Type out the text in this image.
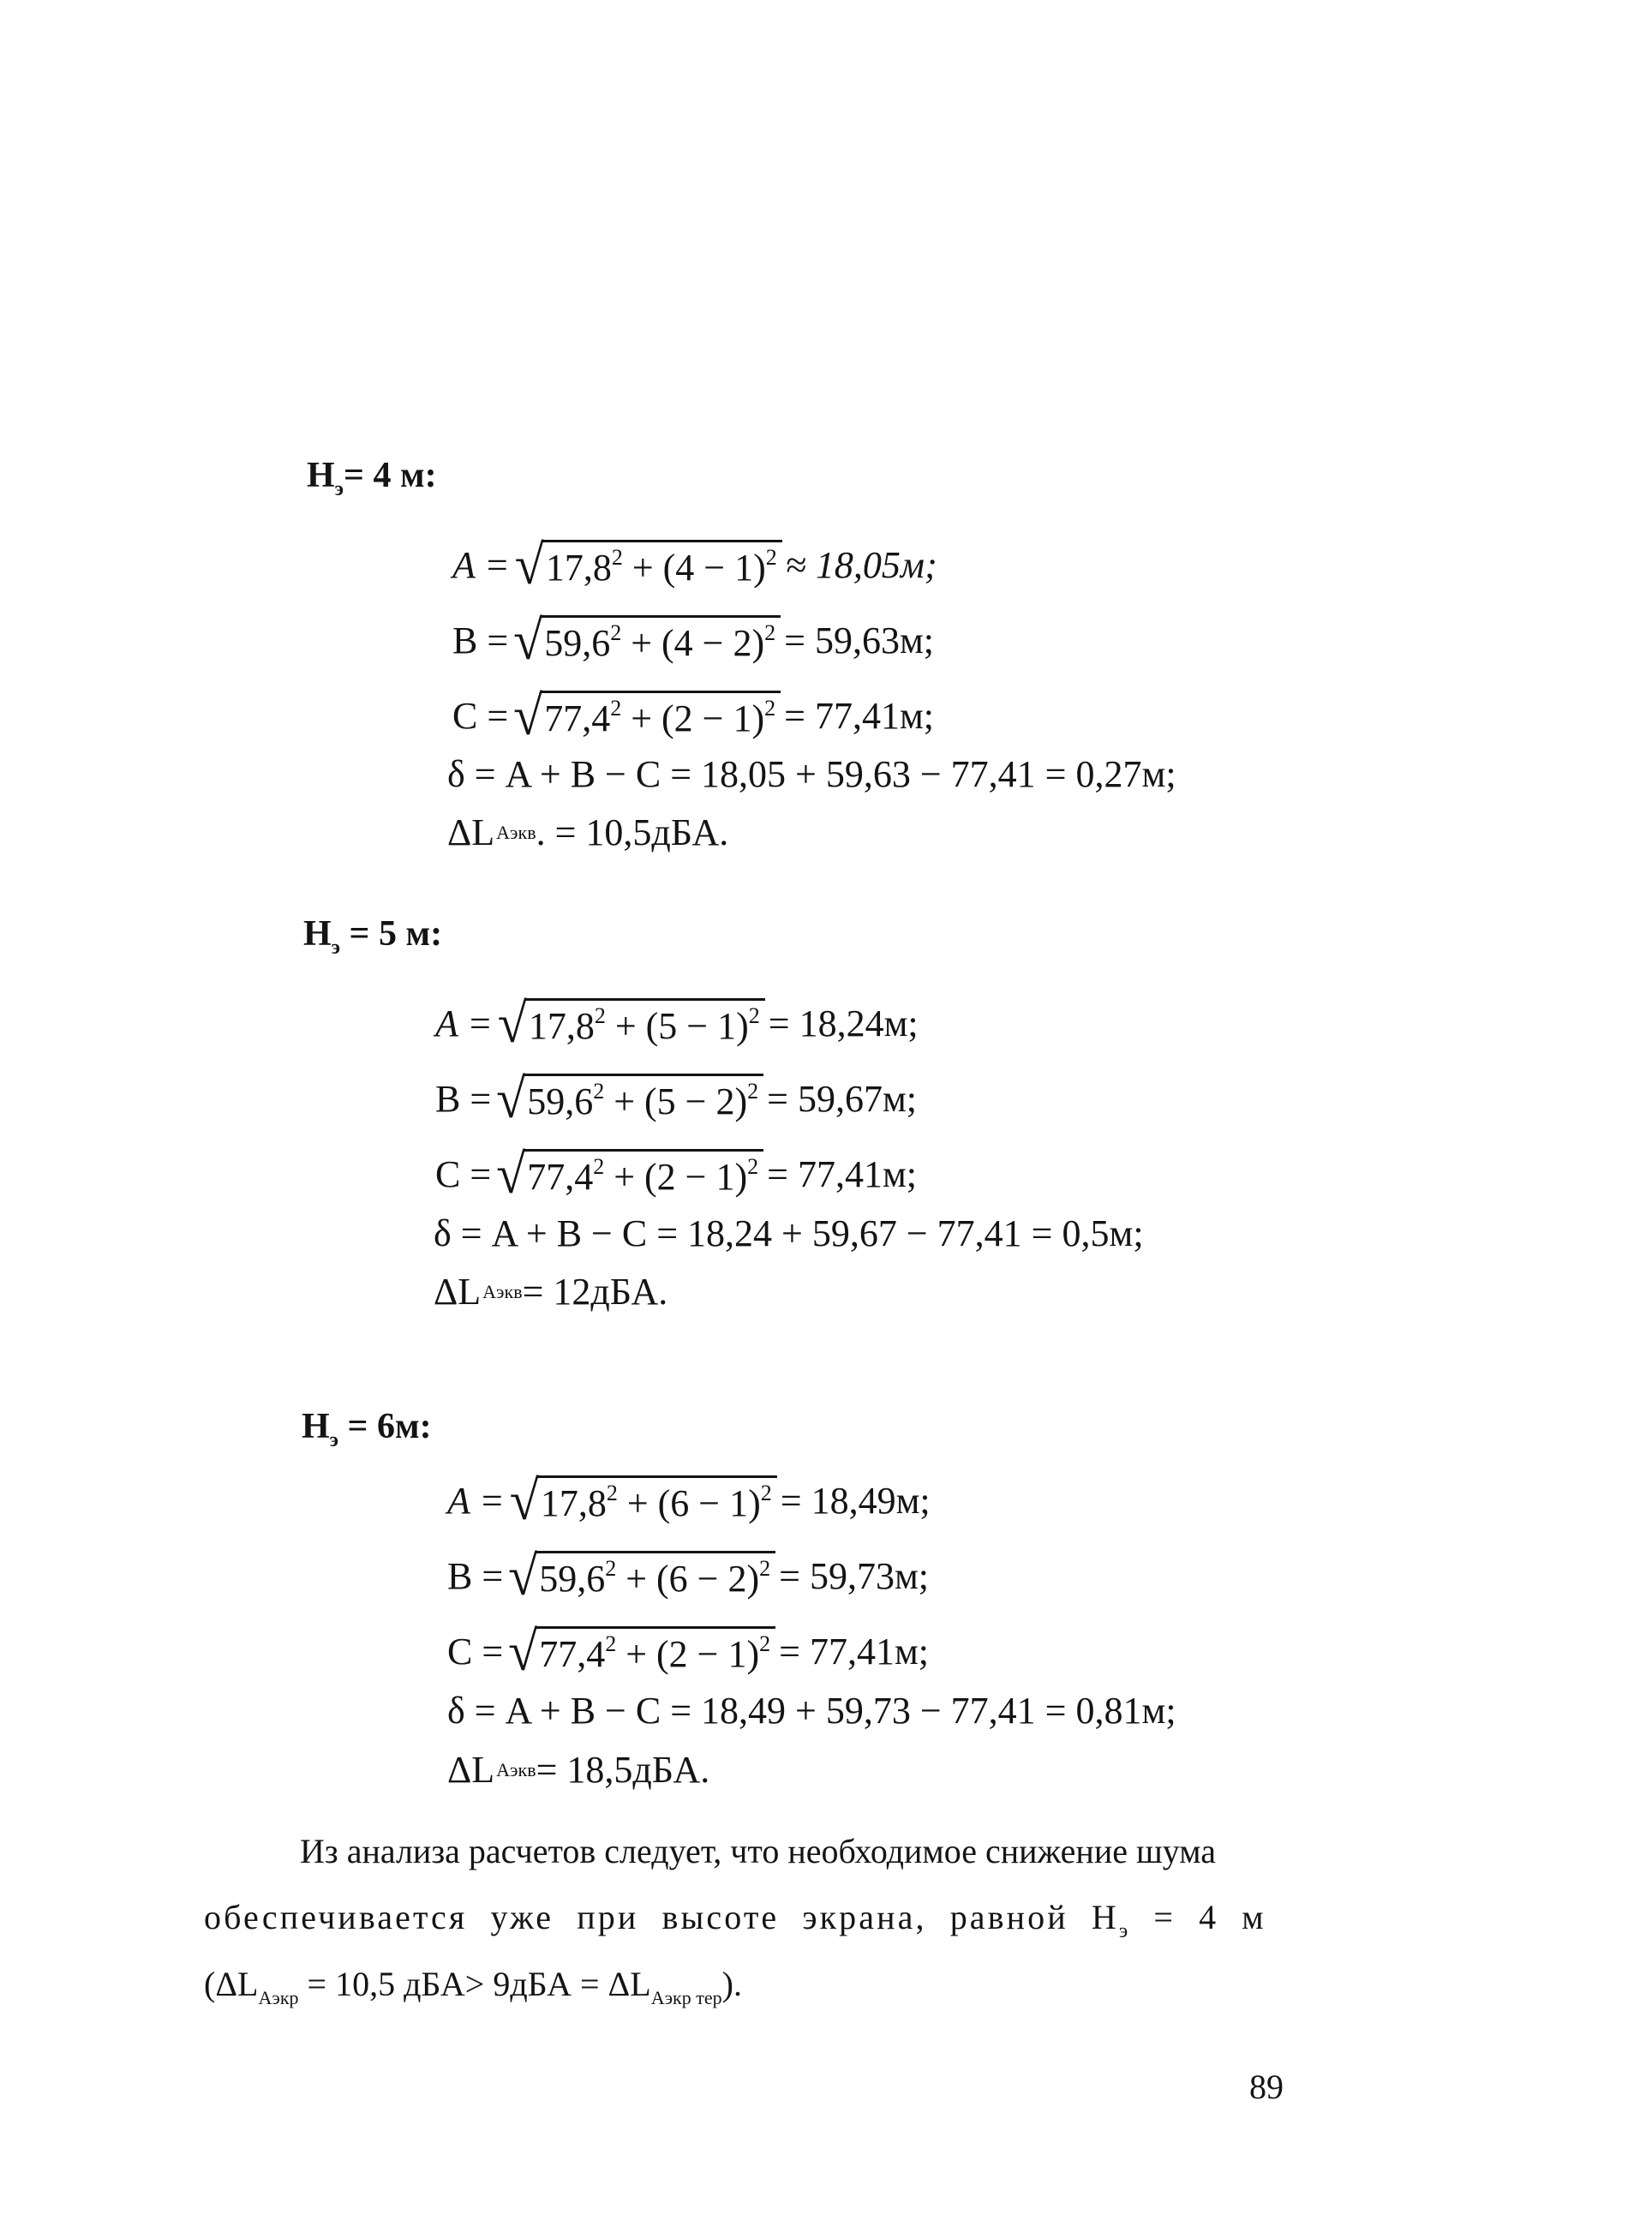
$Н_э= 4$ м:
A = √ $17,8^2 + (4 - 1)^2 \approx 18,05м$;
В = √ $59,6^2 + (4 - 2)^2 = 59,63м$;
С = √ $77,4^2 + (2 - 1)^2 = 77,41м$;
δ = A + B − C = 18,05 + 59,63 − 77,41 = 0,27м;
ΔL Аэкв . = 10,5дБА.
$Н_э = 5$ м:
A = √ $17,8^2 + (5 - 1)^2 = 18,24м$;
В = √ $59,6^2 + (5 - 2)^2 = 59,67м$;
С = √ $77,4^2 + (2 - 1)^2 = 77,41м$;
δ = A + B − C = 18,24 + 59,67 − 77,41 = 0,5м;
ΔL Аэкв = 12дБА.
$Н_э = 6м$:
A = √ $17,8^2 + (6 - 1)^2 = 18,49м$;
В = √ $59,6^2 + (6 - 2)^2 = 59,73м$;
С = √ $77,4^2 + (2 - 1)^2 = 77,41м$;
δ = A + B − C = 18,49 + 59,73 − 77,41 = 0,81м;
ΔL Аэкв = 18,5дБА.
Из анализа расчетов следует, что необходимое снижение шума
обеспечивается уже при высоте экрана, равной $Н_э = 4$ м
($\Delta L_{Аэкр} = 10,5$ $дБА> 9дБА = \Delta L_{Аэкр тер}$).
89
